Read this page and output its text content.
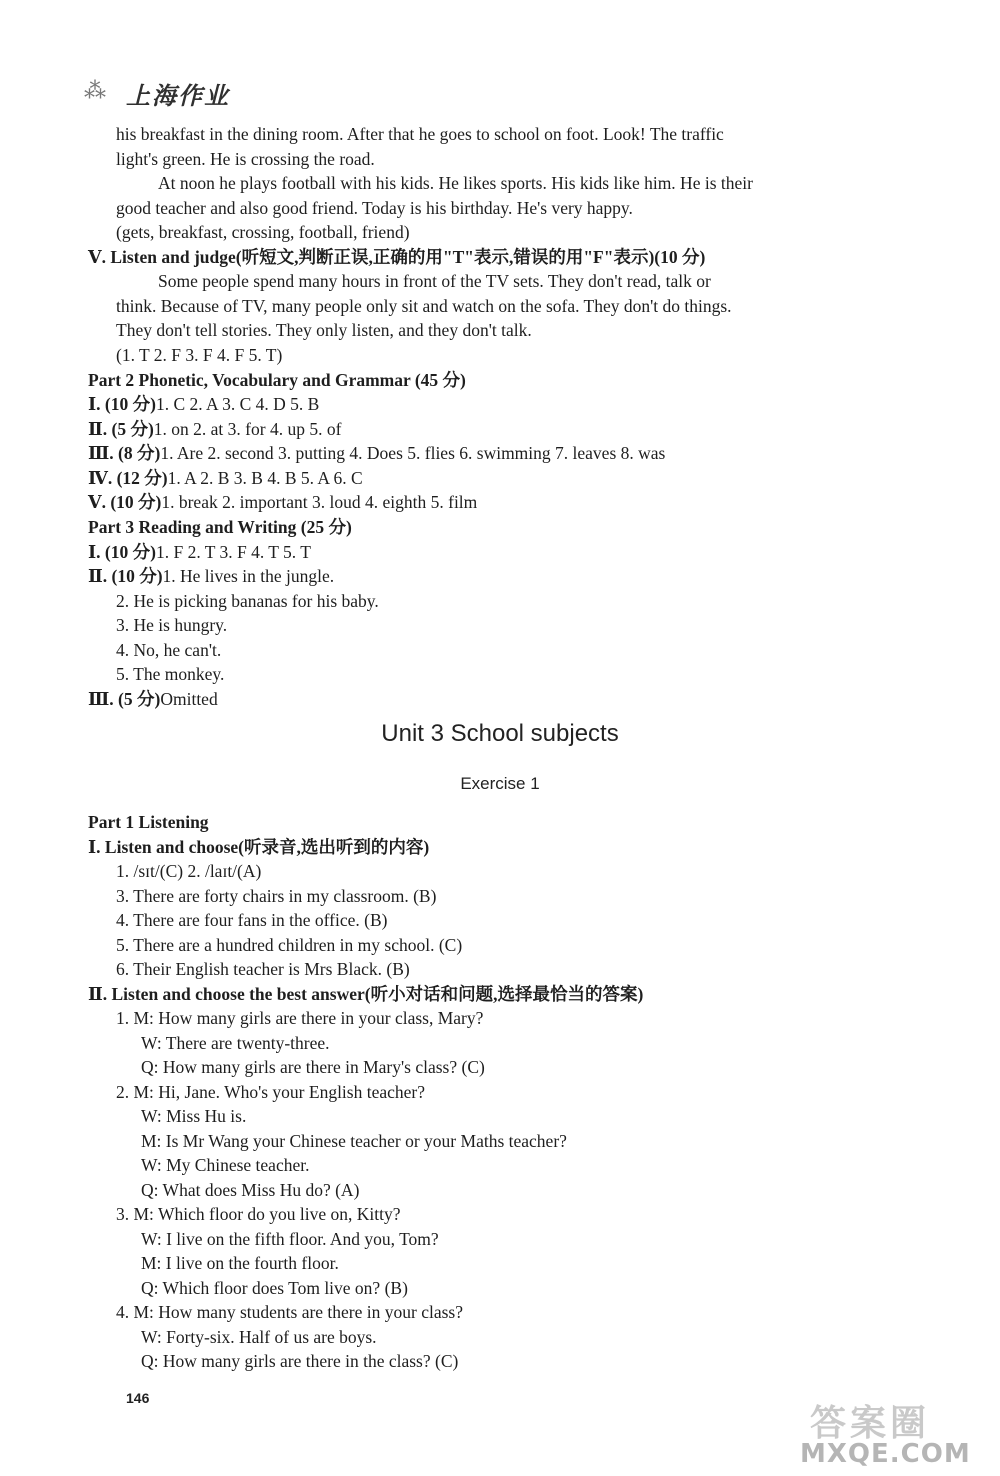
⁂ 上海作业
his breakfast in the dining room. After that he goes to school on foot. Look! The traffic
light's green. He is crossing the road.
At noon he plays football with his kids. He likes sports. His kids like him. He is their
good teacher and also good friend. Today is his birthday. He's very happy.
(gets, breakfast, crossing, football, friend)
Ⅴ. Listen and judge(听短文,判断正误,正确的用"T"表示,错误的用"F"表示)(10 分)
Some people spend many hours in front of the TV sets. They don't read, talk or
think. Because of TV, many people only sit and watch on the sofa. They don't do things.
They don't tell stories. They only listen, and they don't talk.
(1. T 2. F 3. F 4. F 5. T)
Part 2 Phonetic, Vocabulary and Grammar (45 分)
Ⅰ. (10 分)1. C 2. A 3. C 4. D 5. B
Ⅱ. (5 分)1. on 2. at 3. for 4. up 5. of
Ⅲ. (8 分)1. Are 2. second 3. putting 4. Does 5. flies 6. swimming 7. leaves 8. was
Ⅳ. (12 分)1. A 2. B 3. B 4. B 5. A 6. C
Ⅴ. (10 分)1. break 2. important 3. loud 4. eighth 5. film
Part 3 Reading and Writing (25 分)
Ⅰ. (10 分)1. F 2. T 3. F 4. T 5. T
Ⅱ. (10 分)1. He lives in the jungle.
2. He is picking bananas for his baby.
3. He is hungry.
4. No, he can't.
5. The monkey.
Ⅲ. (5 分)Omitted
Unit 3 School subjects
Exercise 1
Part 1 Listening
Ⅰ. Listen and choose(听录音,选出听到的内容)
1. /sɪt/(C) 2. /laɪt/(A)
3. There are forty chairs in my classroom. (B)
4. There are four fans in the office. (B)
5. There are a hundred children in my school. (C)
6. Their English teacher is Mrs Black. (B)
Ⅱ. Listen and choose the best answer(听小对话和问题,选择最恰当的答案)
1. M: How many girls are there in your class, Mary?
W: There are twenty-three.
Q: How many girls are there in Mary's class? (C)
2. M: Hi, Jane. Who's your English teacher?
W: Miss Hu is.
M: Is Mr Wang your Chinese teacher or your Maths teacher?
W: My Chinese teacher.
Q: What does Miss Hu do? (A)
3. M: Which floor do you live on, Kitty?
W: I live on the fifth floor. And you, Tom?
M: I live on the fourth floor.
Q: Which floor does Tom live on? (B)
4. M: How many students are there in your class?
W: Forty-six. Half of us are boys.
Q: How many girls are there in the class? (C)
146
答案圈
MXQE.COM
